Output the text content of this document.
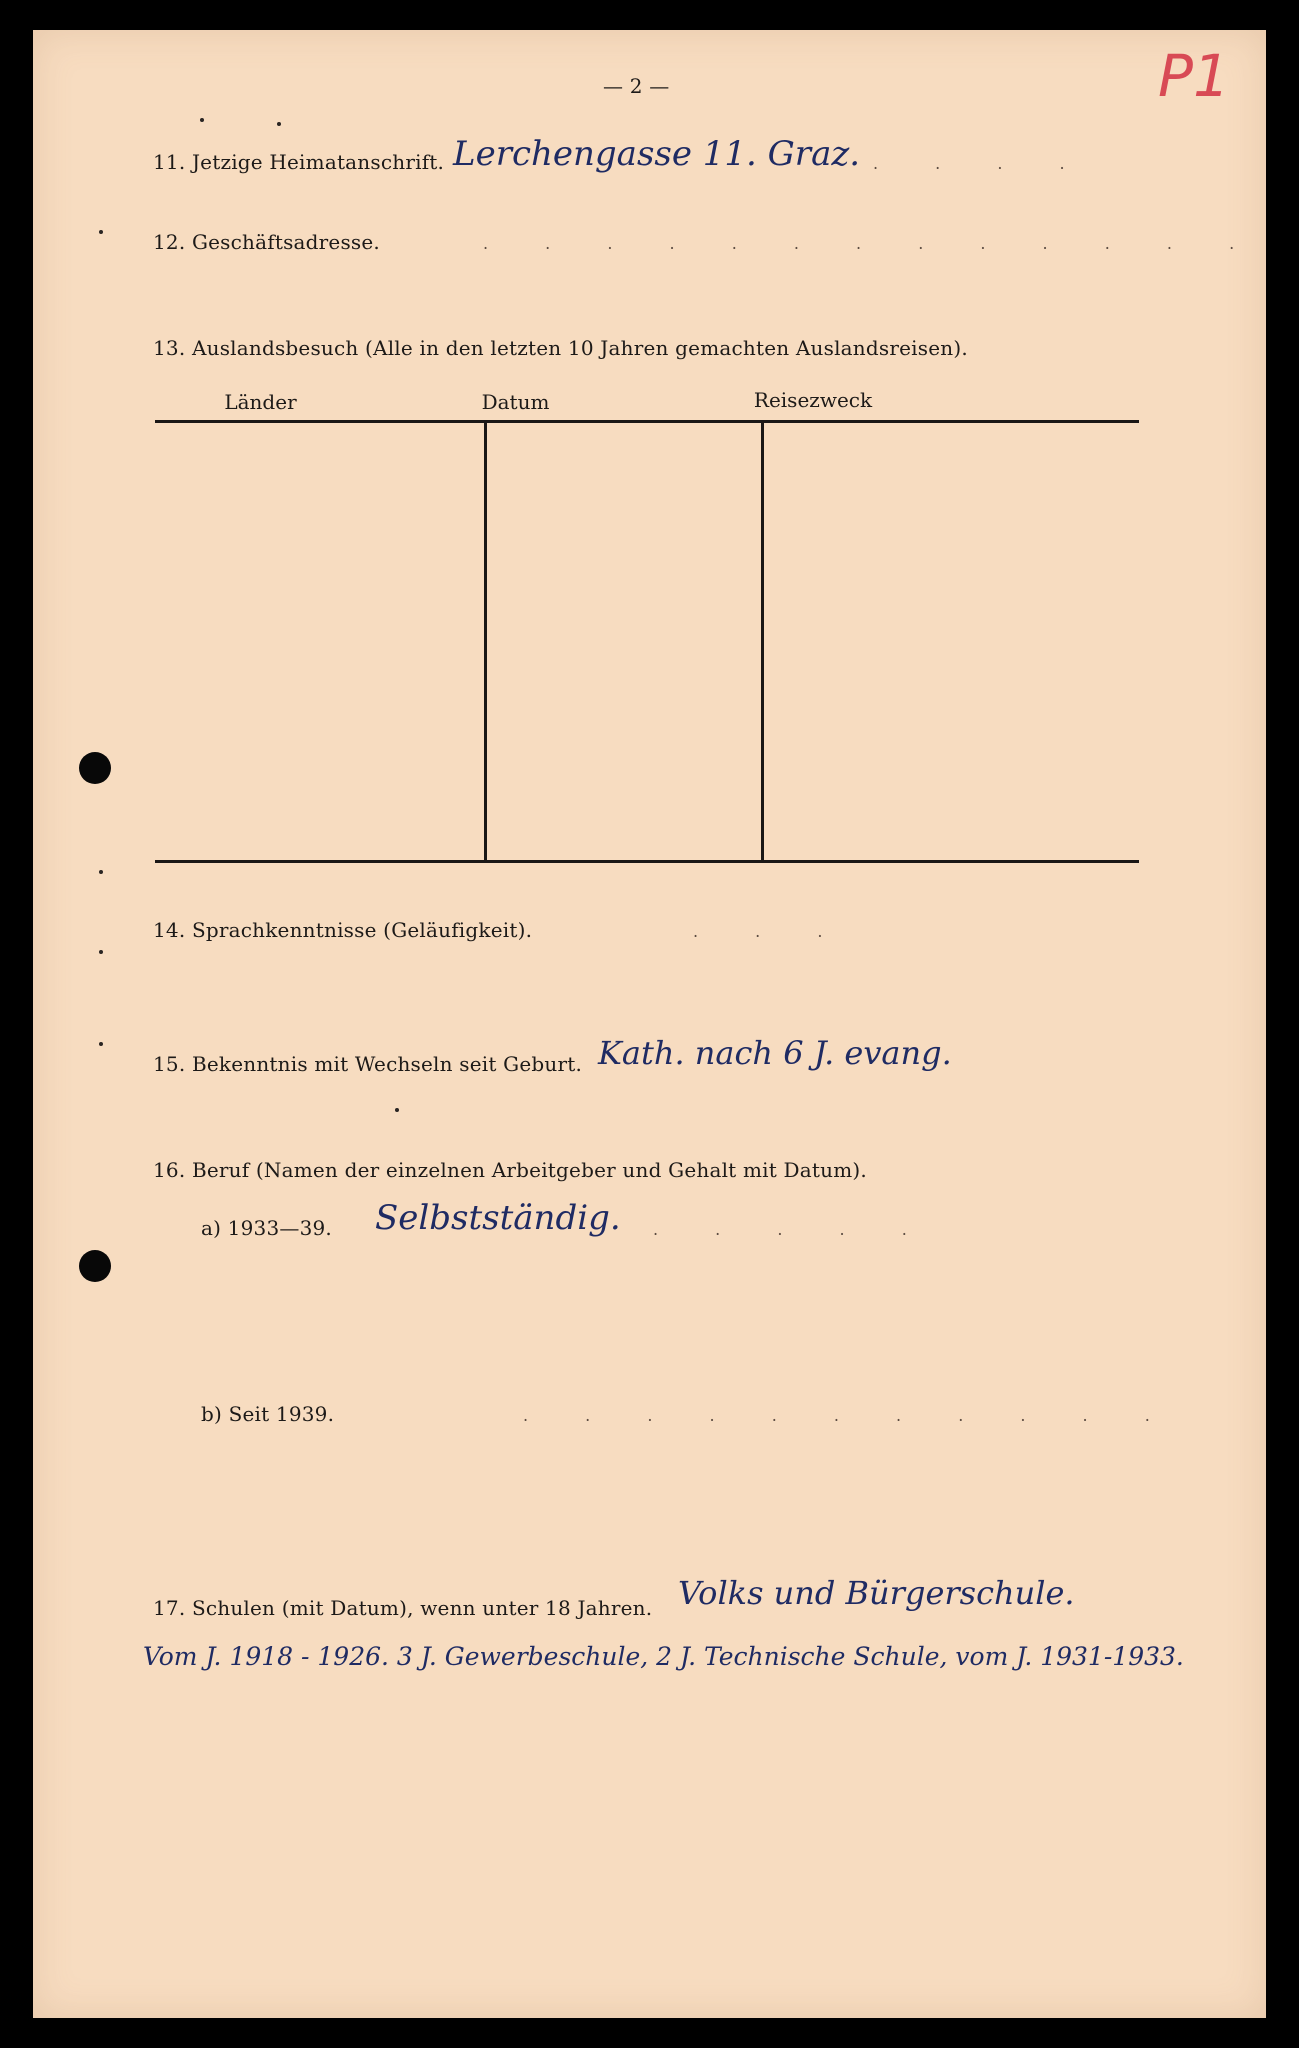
P1
— 2 —
11. Jetzige Heimatanschrift. Lerchengasse 11. Graz. . . . .
12. Geschäftsadresse.	. . . . . . . . . . . . .
13. Auslandsbesuch (Alle in den letzten 10 Jahren gemachten Auslandsreisen).
Länder	Datum	Reisezweck
14. Sprachkenntnisse (Geläufigkeit).	. . .
15. Bekenntnis mit Wechseln seit Geburt. Kath. nach 6 J. evang.
16. Beruf (Namen der einzelnen Arbeitgeber und Gehalt mit Datum).
a) 1933—39. Selbstständig. . . . . .
b) Seit 1939.	. . . . . . . . . . .
17. Schulen (mit Datum), wenn unter 18 Jahren. Volks und Bürgerschule.
Vom J. 1918 - 1926. 3 J. Gewerbeschule, 2 J. Technische Schule, vom J. 1931-1933.
